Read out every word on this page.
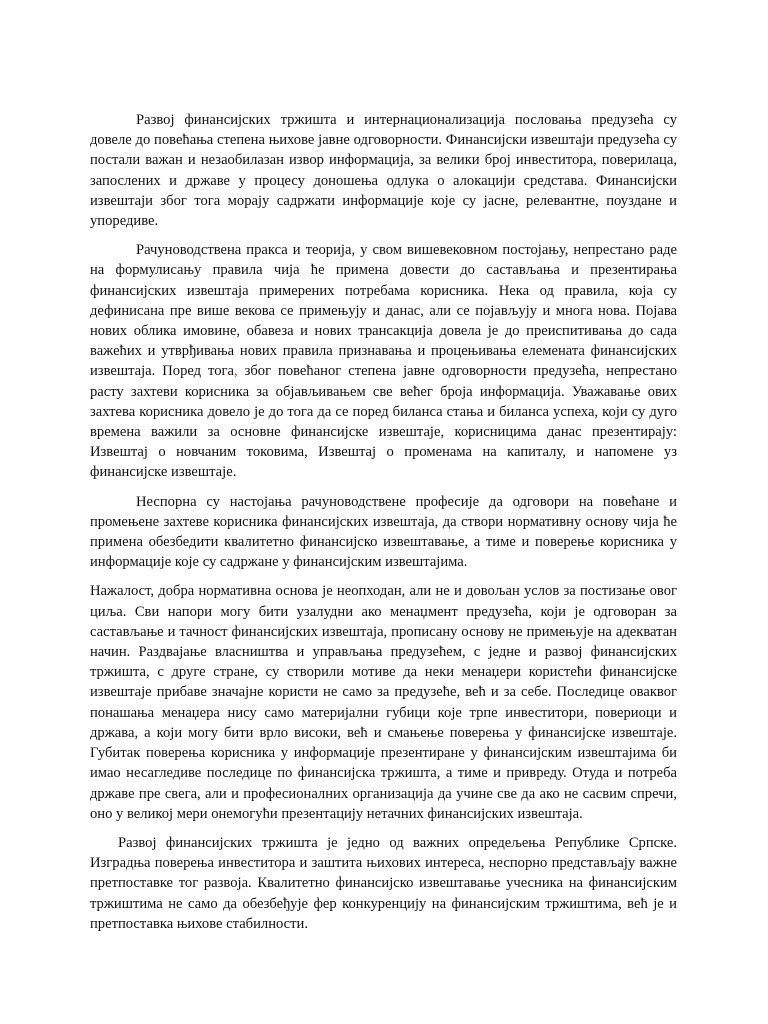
Развој финансијских тржишта и интернационализација пословања предузећа су довеле до повећања степена њихове јавне одговорности. Финансијски извештаји предузећа су постали важан и незаобилазан извор информација, за велики број инвеститора, поверилаца, запослених и државе у процесу доношења одлука о алокацији средстава. Финансијски извештаји због тога морају садржати информације које су јасне, релевантне, поуздане и упоредиве.

Рачуноводствена пракса и теорија, у свом вишевековном постојању, непрестано раде на формулисању правила чија ће примена довести до састављања и презентирања финансијских извештаја примерених потребама корисника. Нека од правила, која су дефинисана пре више векова се примењују и данас, али се појављују и многа нова. Појава нових облика имовине, обавеза и нових трансакција довела је до преиспитивања до сада важећих и утврђивања нових правила признавања и процењивања елемената финансијских извештаја. Поред тога, због повећаног степена јавне одговорности предузећа, непрестано расту захтеви корисника за објављивањем све већег броја информација. Уважавање ових захтева корисника довело је до тога да се поред биланса стања и биланса успеха, који су дуго времена важили за основне финансијске извештаје, корисницима данас презентирају: Извештај о новчаним токовима, Извештај о променама на капиталу, и напомене уз финансијске извештаје.

Неспорна су настојања рачуноводствене професије да одговори на повећане и промењене захтеве корисника финансијских извештаја, да створи нормативну основу чија ће примена обезбедити квалитетно финансијско извештавање, а тиме и поверење корисника у информације које су садржане у финансијским извештајима.

Нажалост, добра нормативна основа је неопходан, али не и довољан услов за постизање овог циља. Сви напори могу бити узалудни ако менаџмент предузећа, који је одговоран за састављање и тачност финансијских извештаја, прописану основу не примењује на адекватан начин. Раздвајање власништва и управљања предузећем, с једне и развој финансијских тржишта, с друге стране, су створили мотиве да неки менаџери користећи финансијске извештаје прибаве значајне користи не само за предузеће, већ и за себе. Последице оваквог понашања менаџера нису само материјални губици које трпе инвеститори, повериоци и држава, а који могу бити врло високи, већ и смањење поверења у финансијске извештаје. Губитак поверења корисника у информације презентиране у финансијским извештајима би имао несагледиве последице по финансијска тржишта, а тиме и привреду. Отуда и потреба државе пре свега, али и професионалних организација да учине све да ако не сасвим спречи, оно у великој мери онемогући презентацију нетачних финансијских извештаја.

Развој финансијских тржишта је једно од важних опредељења Републике Српске. Изградња поверења инвеститора и заштита њихових интереса, неспорно представљају важне претпоставке тог развоја. Квалитетно финансијско извештавање учесника на финансијским тржиштима не само да обезбеђује фер конкуренцију на финансијским тржиштима, већ је и претпоставка њихове стабилности.
